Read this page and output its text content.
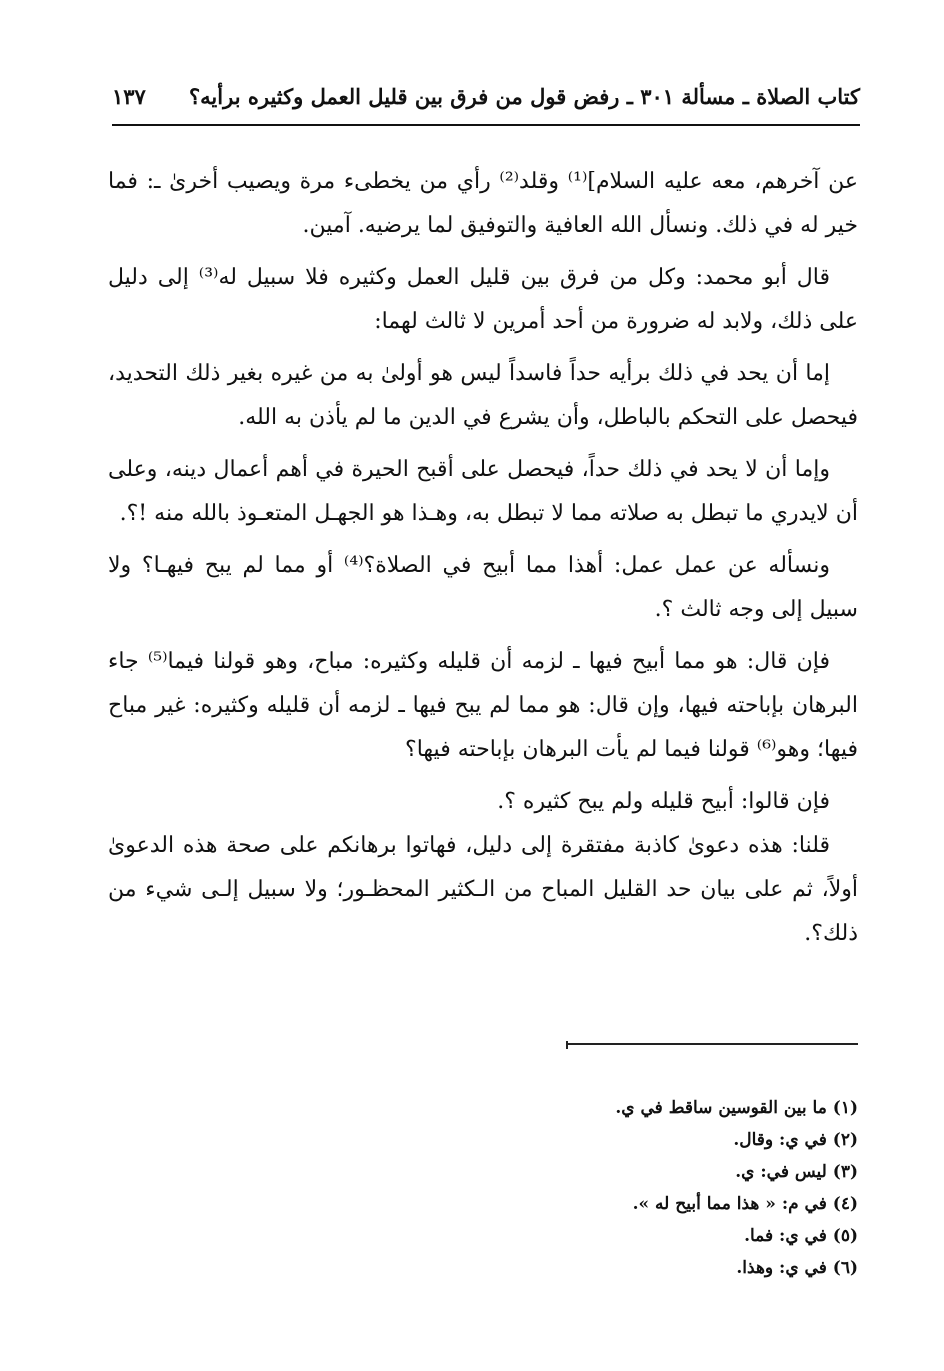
كتاب الصلاة ـ مسألة ٣٠١ ـ رفض قول من فرق بين قليل العمل وكثيره برأيه؟
١٣٧

عن آخرهم، معه عليه السلام]⁽¹⁾ وقلد⁽²⁾ رأي من يخطىء مرة ويصيب أخرىٰ ـ: فما خير له في ذلك. ونسأل الله العافية والتوفيق لما يرضيه. آمين.

قال أبو محمد: وكل من فرق بين قليل العمل وكثيره فلا سبيل له⁽³⁾ إلى دليل على ذلك، ولابد له ضرورة من أحد أمرين لا ثالث لهما:

إما أن يحد في ذلك برأيه حداً فاسداً ليس هو أولىٰ به من غيره بغير ذلك التحديد، فيحصل على التحكم بالباطل، وأن يشرع في الدين ما لم يأذن به الله.

وإما أن لا يحد في ذلك حداً، فيحصل على أقبح الحيرة في أهم أعمال دينه، وعلى أن لايدري ما تبطل به صلاته مما لا تبطل به، وهـذا هو الجهـل المتعـوذ بالله منه !؟.

ونسأله عن عمل عمل: أهذا مما أبيح في الصلاة؟⁽⁴⁾ أو مما لم يبح فيهـا؟ ولا سبيل إلى وجه ثالث ؟.

فإن قال: هو مما أبيح فيها ـ لزمه أن قليله وكثيره: مباح، وهو قولنا فيما⁽⁵⁾ جاء البرهان بإباحته فيها، وإن قال: هو مما لم يبح فيها ـ لزمه أن قليله وكثيره: غير مباح فيها؛ وهو⁽⁶⁾ قولنا فيما لم يأت البرهان بإباحته فيها؟

فإن قالوا: أبيح قليله ولم يبح كثيره ؟.

قلنا: هذه دعوىٰ كاذبة مفتقرة إلى دليل، فهاتوا برهانكم على صحة هذه الدعوىٰ أولاً، ثم على بيان حد القليل المباح من الـكثير المحظـور؛ ولا سبيل إلـى شيء من ذلك؟.

(١) ما بين القوسين ساقط في ي.
(٢) في ي: وقال.
(٣) ليس في: ي.
(٤) في م: « هذا مما أبيح له ».
(٥) في ي: فما.
(٦) في ي: وهذا.
